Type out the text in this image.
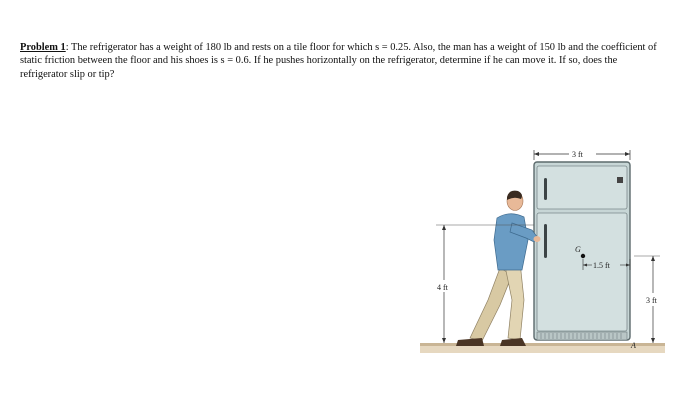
Problem 1: The refrigerator has a weight of 180 lb and rests on a tile floor for which s = 0.25. Also, the man has a weight of 150 lb and the coefficient of static friction between the floor and his shoes is s = 0.6. If he pushes horizontally on the refrigerator, determine if he can move it. If so, does the refrigerator slip or tip?
G
A
3 ft
1.5 ft
4 ft
3 ft
